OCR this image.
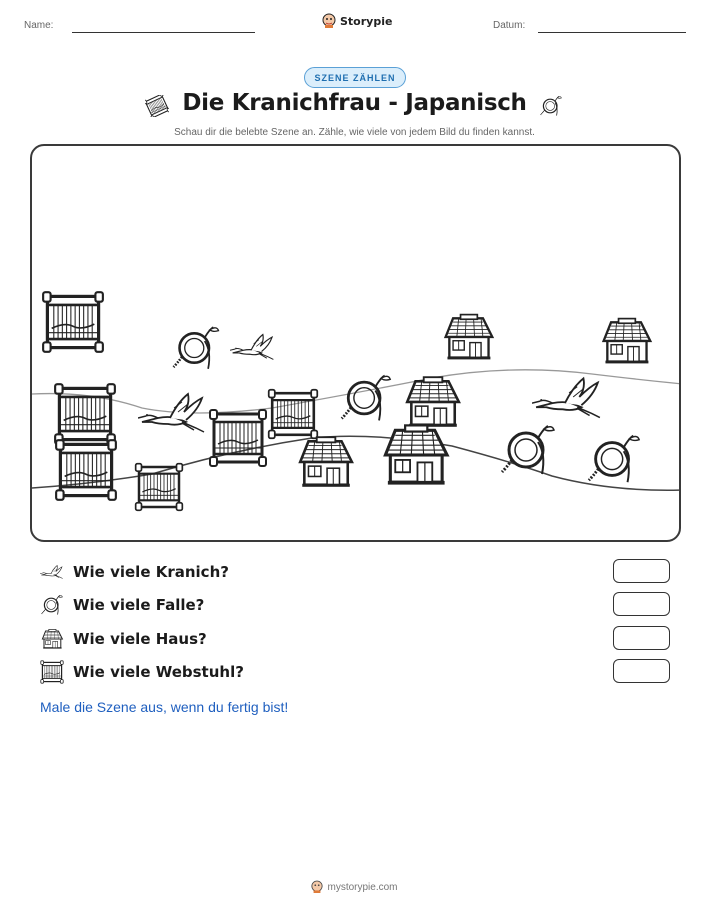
Name:	Storypie	Datum:
SZENE ZÄHLEN
Die Kranichfrau - Japanisch
Schau dir die belebte Szene an. Zähle, wie viele von jedem Bild du finden kannst.
Wie viele Kranich?
Wie viele Falle?
Wie viele Haus?
Wie viele Webstuhl?
Male die Szene aus, wenn du fertig bist!
mystorypie.com
